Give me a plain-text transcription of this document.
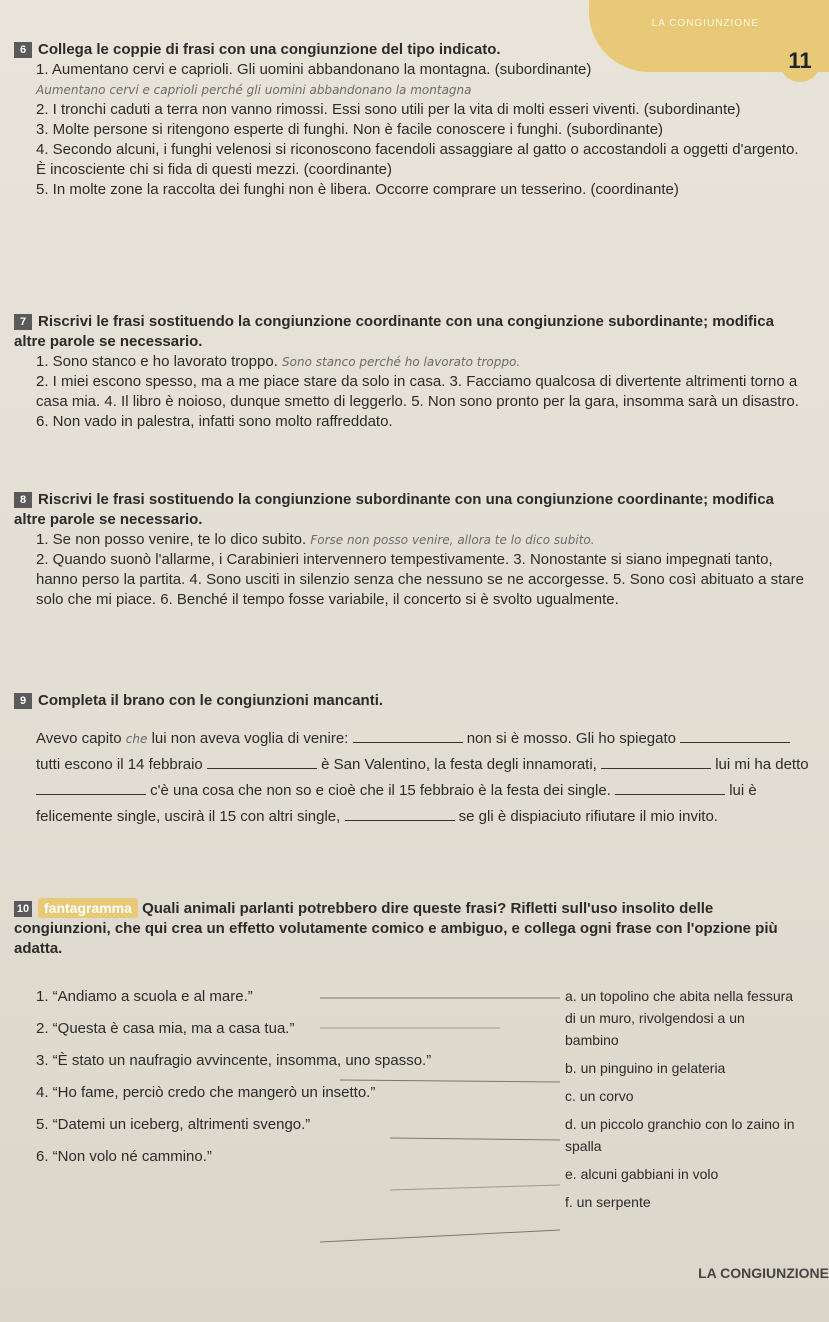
LA CONGIUNZIONE
11
6 Collega le coppie di frasi con una congiunzione del tipo indicato.
1. Aumentano cervi e caprioli. Gli uomini abbandonano la montagna. (subordinante)
Aumentano cervi e caprioli perché gli uomini abbandonano la montagna
2. I tronchi caduti a terra non vanno rimossi. Essi sono utili per la vita di molti esseri viventi. (subordinante)
3. Molte persone si ritengono esperte di funghi. Non è facile conoscere i funghi. (subordinante)
4. Secondo alcuni, i funghi velenosi si riconoscono facendoli assaggiare al gatto o accostandoli a oggetti d'argento. È incosciente chi si fida di questi mezzi. (coordinante)
5. In molte zone la raccolta dei funghi non è libera. Occorre comprare un tesserino. (coordinante)
7 Riscrivi le frasi sostituendo la congiunzione coordinante con una congiunzione subordinante; modifica altre parole se necessario.
1. Sono stanco e ho lavorato troppo. Sono stanco perché ho lavorato troppo.
2. I miei escono spesso, ma a me piace stare da solo in casa. 3. Facciamo qualcosa di divertente altrimenti torno a casa mia. 4. Il libro è noioso, dunque smetto di leggerlo. 5. Non sono pronto per la gara, insomma sarà un disastro. 6. Non vado in palestra, infatti sono molto raffreddato.
8 Riscrivi le frasi sostituendo la congiunzione subordinante con una congiunzione coordinante; modifica altre parole se necessario.
1. Se non posso venire, te lo dico subito. Forse non posso venire, allora te lo dico subito.
2. Quando suonò l'allarme, i Carabinieri intervennero tempestivamente. 3. Nonostante si siano impegnati tanto, hanno perso la partita. 4. Sono usciti in silenzio senza che nessuno se ne accorgesse. 5. Sono così abituato a stare solo che mi piace. 6. Benché il tempo fosse variabile, il concerto si è svolto ugualmente.
9 Completa il brano con le congiunzioni mancanti.
Avevo capito che lui non aveva voglia di venire:	non si è mosso. Gli ho spiegato  tutti escono il 14 febbraio	è San Valentino, la festa degli innamorati,	lui mi ha detto  c'è una cosa che non so e cioè che il 15 febbraio è la festa dei single.	lui è felicemente single, uscirà il 15 con altri single,	se gli è dispiaciuto rifiutare il mio invito.
10 fantagramma Quali animali parlanti potrebbero dire queste frasi? Rifletti sull'uso insolito delle congiunzioni, che qui crea un effetto volutamente comico e ambiguo, e collega ogni frase con l'opzione più adatta.
1. “Andiamo a scuola e al mare.”
2. “Questa è casa mia, ma a casa tua.”
3. “È stato un naufragio avvincente, insomma, uno spasso.”
4. “Ho fame, perciò credo che mangerò un insetto.”
5. “Datemi un iceberg, altrimenti svengo.”
6. “Non volo né cammino.”
a. un topolino che abita nella fessura di un muro, rivolgendosi a un bambino
b. un pinguino in gelateria
c. un corvo
d. un piccolo granchio con lo zaino in spalla
e. alcuni gabbiani in volo
f. un serpente
LA CONGIUNZIONE
